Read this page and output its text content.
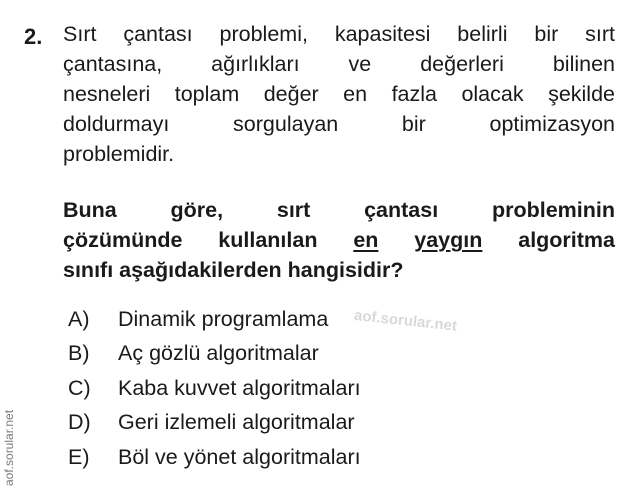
2. Sırt çantası problemi, kapasitesi belirli bir sırt
çantasına, ağırlıkları ve değerleri bilinen
nesneleri toplam değer en fazla olacak şekilde
doldurmayı sorgulayan bir optimizasyon
problemidir.
Buna göre, sırt çantası probleminin
çözümünde kullanılan en yaygın algoritma
sınıfı aşağıdakilerden hangisidir?
A)	Dinamik programlama
B)	Aç gözlü algoritmalar
C)	Kaba kuvvet algoritmaları
D)	Geri izlemeli algoritmalar
E)	Böl ve yönet algoritmaları
aof.sorular.net
aof.sorular.net
